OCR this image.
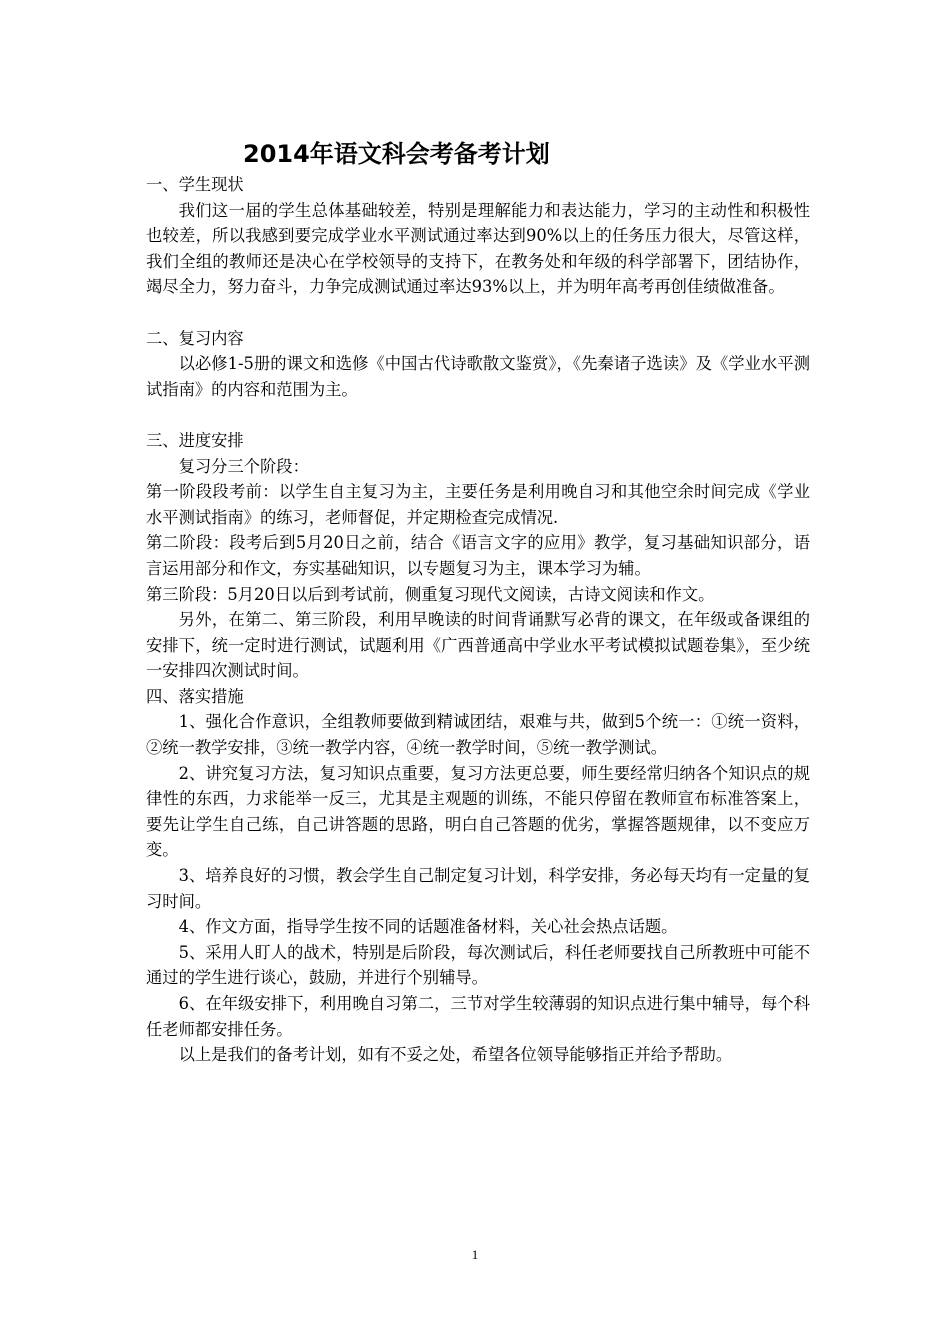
2014年语文科会考备考计划

一、学生现状

我们这一届的学生总体基础较差，特别是理解能力和表达能力，学习的主动性和积极性也较差，所以我感到要完成学业水平测试通过率达到90%以上的任务压力很大，尽管这样，我们全组的教师还是决心在学校领导的支持下，在教务处和年级的科学部署下，团结协作，竭尽全力，努力奋斗，力争完成测试通过率达93%以上，并为明年高考再创佳绩做准备。

二、复习内容

以必修1-5册的课文和选修《中国古代诗歌散文鉴赏》，《先秦诸子选读》及《学业水平测试指南》的内容和范围为主。

三、进度安排

复习分三个阶段：

第一阶段段考前：以学生自主复习为主，主要任务是利用晚自习和其他空余时间完成《学业水平测试指南》的练习，老师督促，并定期检查完成情况.

第二阶段：段考后到5月20日之前，结合《语言文字的应用》教学，复习基础知识部分，语言运用部分和作文，夯实基础知识，以专题复习为主，课本学习为辅。

第三阶段：5月20日以后到考试前，侧重复习现代文阅读，古诗文阅读和作文。

另外，在第二、第三阶段，利用早晚读的时间背诵默写必背的课文，在年级或备课组的安排下，统一定时进行测试，试题利用《广西普通高中学业水平考试模拟试题卷集》，至少统一安排四次测试时间。

四、落实措施

1、强化合作意识，全组教师要做到精诚团结，艰难与共，做到5个统一：①统一资料，②统一教学安排，③统一教学内容，④统一教学时间，⑤统一教学测试。

2、讲究复习方法，复习知识点重要，复习方法更总要，师生要经常归纳各个知识点的规律性的东西，力求能举一反三，尤其是主观题的训练，不能只停留在教师宣布标准答案上，要先让学生自己练，自己讲答题的思路，明白自己答题的优劣，掌握答题规律，以不变应万变。

3、培养良好的习惯，教会学生自己制定复习计划，科学安排，务必每天均有一定量的复习时间。

4、作文方面，指导学生按不同的话题准备材料，关心社会热点话题。

5、采用人盯人的战术，特别是后阶段，每次测试后，科任老师要找自己所教班中可能不通过的学生进行谈心，鼓励，并进行个别辅导。

6、在年级安排下，利用晚自习第二，三节对学生较薄弱的知识点进行集中辅导，每个科任老师都安排任务。

以上是我们的备考计划，如有不妥之处，希望各位领导能够指正并给予帮助。

1
